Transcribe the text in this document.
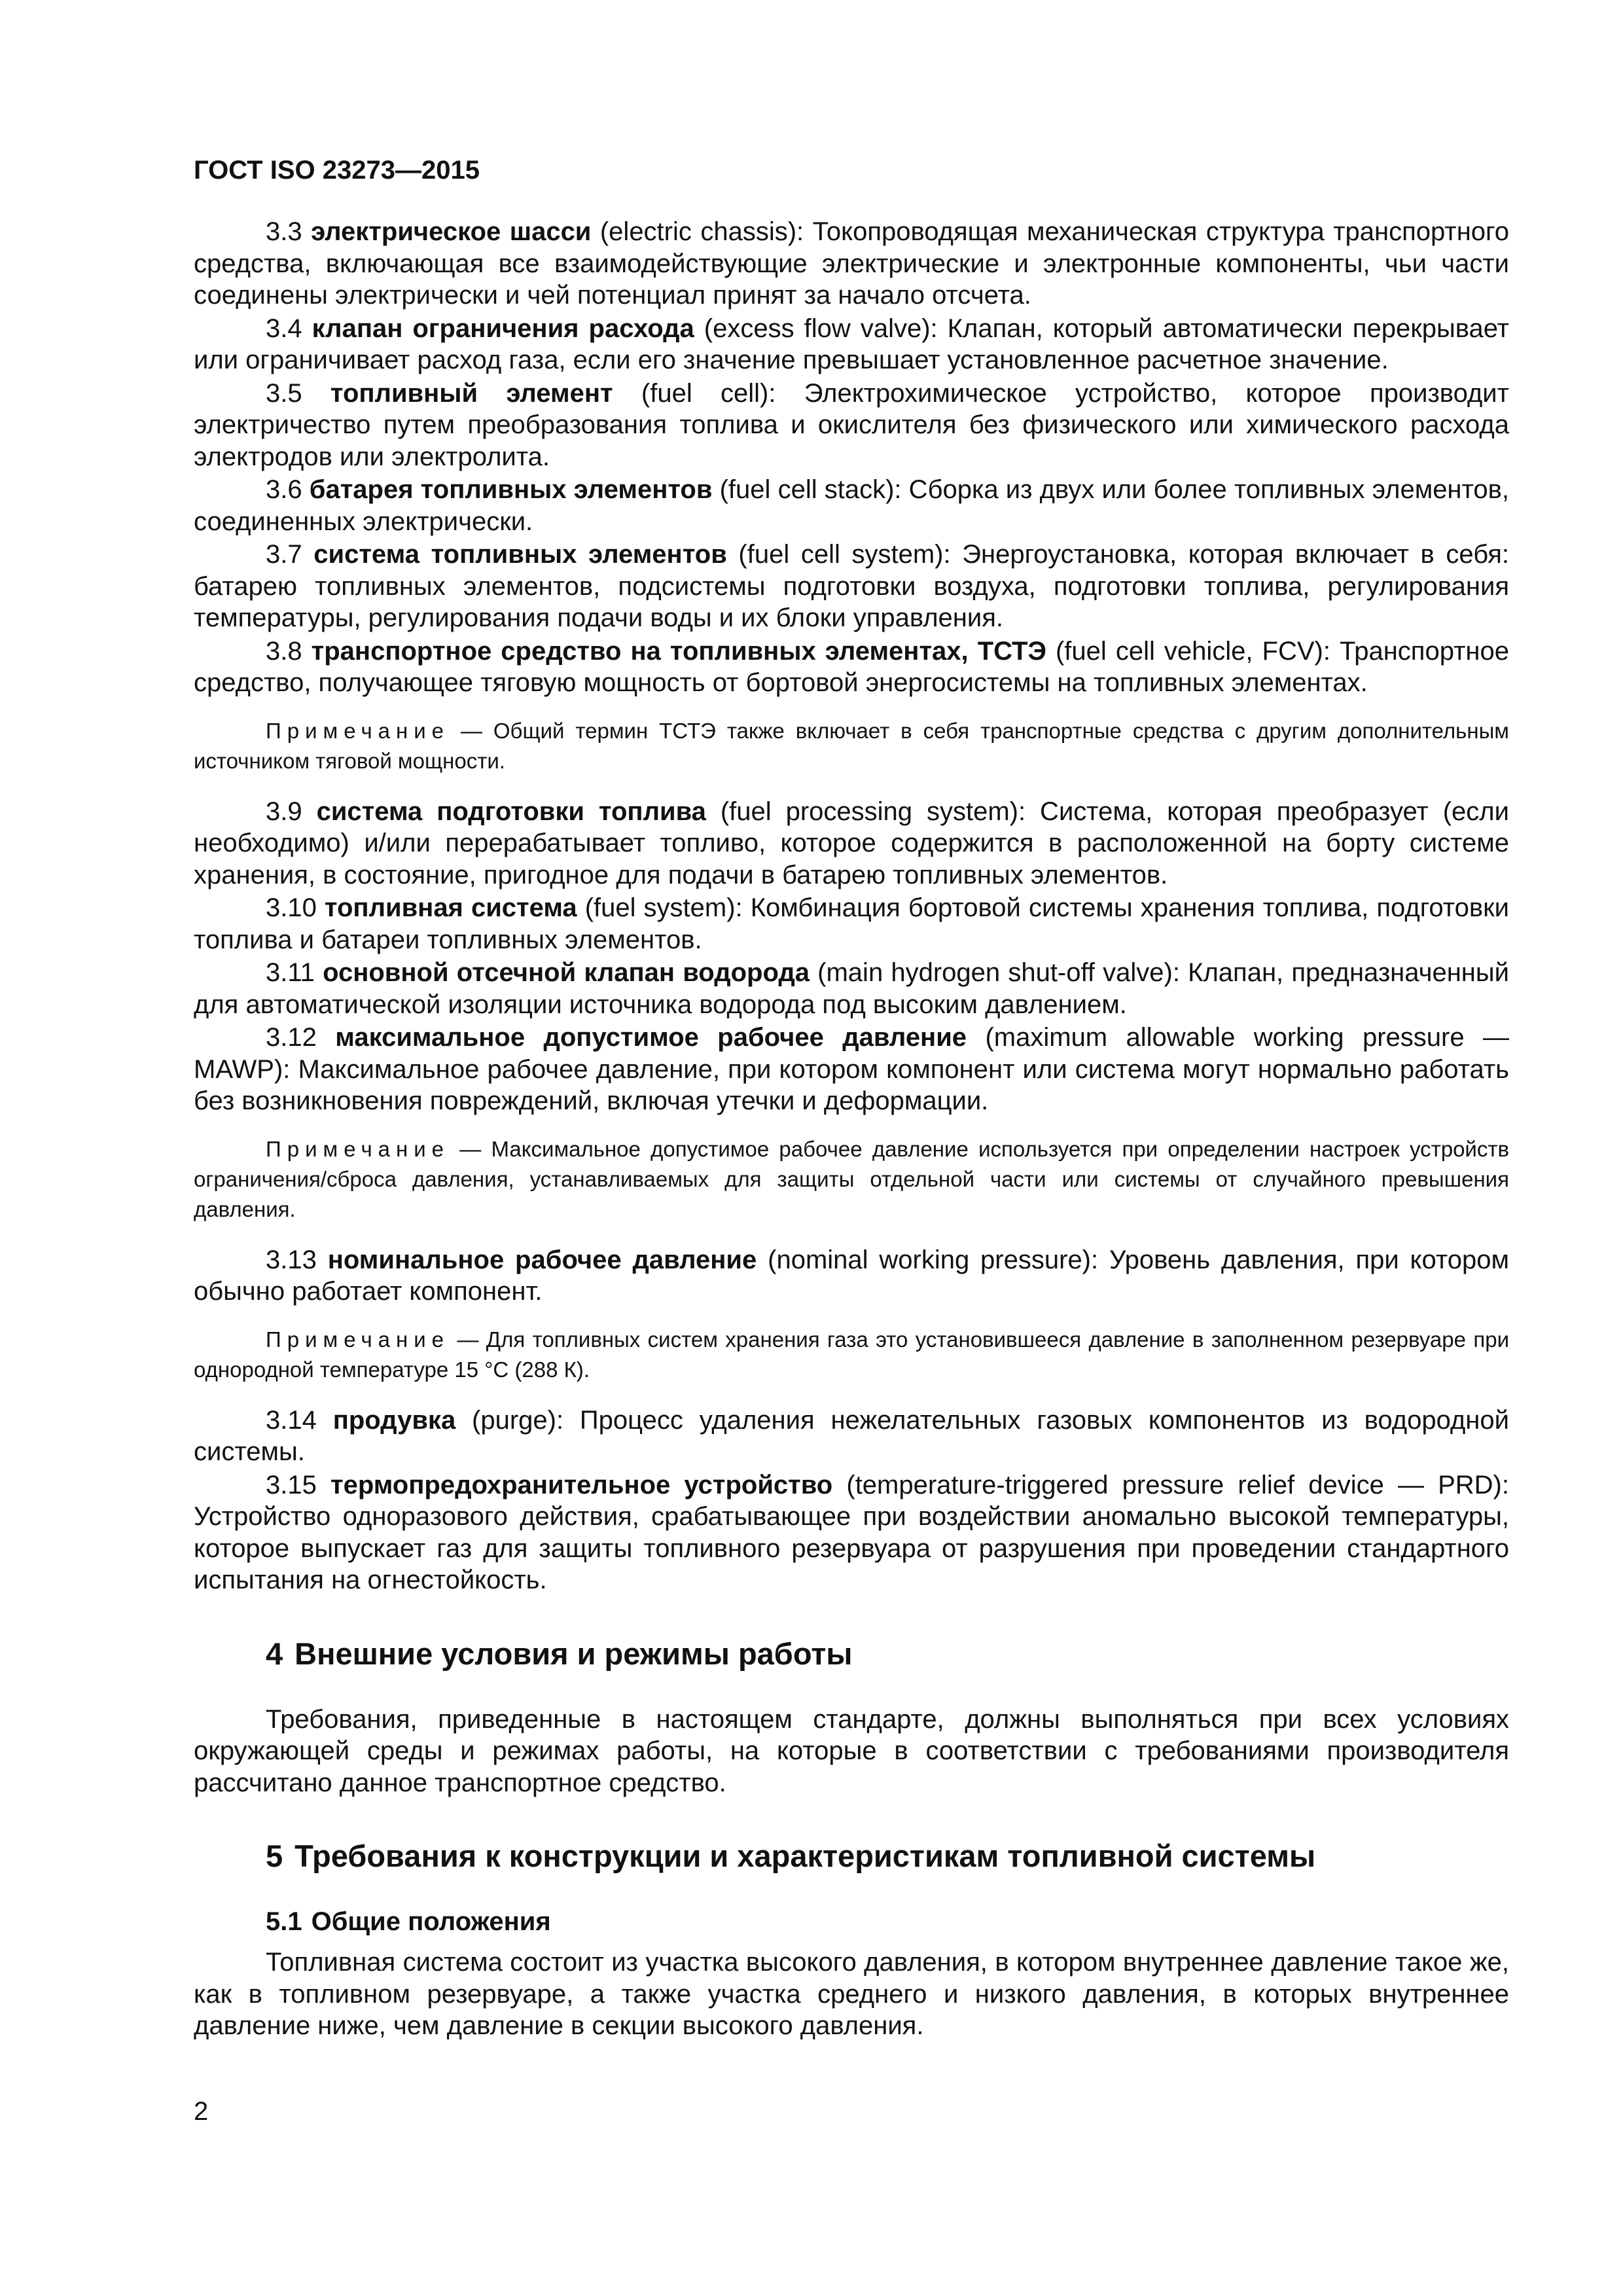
ГОСТ ISO 23273—2015

3.3 электрическое шасси (electric chassis): Токопроводящая механическая структура транспортного средства, включающая все взаимодействующие электрические и электронные компоненты, чьи части соединены электрически и чей потенциал принят за начало отсчета.

3.4 клапан ограничения расхода (excess flow valve): Клапан, который автоматически перекрывает или ограничивает расход газа, если его значение превышает установленное расчетное значение.

3.5 топливный элемент (fuel cell): Электрохимическое устройство, которое производит электричество путем преобразования топлива и окислителя без физического или химического расхода электродов или электролита.

3.6 батарея топливных элементов (fuel cell stack): Сборка из двух или более топливных элементов, соединенных электрически.

3.7 система топливных элементов (fuel cell system): Энергоустановка, которая включает в себя: батарею топливных элементов, подсистемы подготовки воздуха, подготовки топлива, регулирования температуры, регулирования подачи воды и их блоки управления.

3.8 транспортное средство на топливных элементах, ТСТЭ (fuel cell vehicle, FCV): Транспортное средство, получающее тяговую мощность от бортовой энергосистемы на топливных элементах.

Примечание — Общий термин ТСТЭ также включает в себя транспортные средства с другим дополнительным источником тяговой мощности.

3.9 система подготовки топлива (fuel processing system): Система, которая преобразует (если необходимо) и/или перерабатывает топливо, которое содержится в расположенной на борту системе хранения, в состояние, пригодное для подачи в батарею топливных элементов.

3.10 топливная система (fuel system): Комбинация бортовой системы хранения топлива, подготовки топлива и батареи топливных элементов.

3.11 основной отсечной клапан водорода (main hydrogen shut-off valve): Клапан, предназначенный для автоматической изоляции источника водорода под высоким давлением.

3.12 максимальное допустимое рабочее давление (maximum allowable working pressure — MAWP): Максимальное рабочее давление, при котором компонент или система могут нормально работать без возникновения повреждений, включая утечки и деформации.

Примечание — Максимальное допустимое рабочее давление используется при определении настроек устройств ограничения/сброса давления, устанавливаемых для защиты отдельной части или системы от случайного превышения давления.

3.13 номинальное рабочее давление (nominal working pressure): Уровень давления, при котором обычно работает компонент.

Примечание — Для топливных систем хранения газа это установившееся давление в заполненном резервуаре при однородной температуре 15 °С (288 К).

3.14 продувка (purge): Процесс удаления нежелательных газовых компонентов из водородной системы.

3.15 термопредохранительное устройство (temperature-triggered pressure relief device — PRD): Устройство одноразового действия, срабатывающее при воздействии аномально высокой температуры, которое выпускает газ для защиты топливного резервуара от разрушения при проведении стандартного испытания на огнестойкость.

4 Внешние условия и режимы работы

Требования, приведенные в настоящем стандарте, должны выполняться при всех условиях окружающей среды и режимах работы, на которые в соответствии с требованиями производителя рассчитано данное транспортное средство.

5 Требования к конструкции и характеристикам топливной системы
5.1 Общие положения

Топливная система состоит из участка высокого давления, в котором внутреннее давление такое же, как в топливном резервуаре, а также участка среднего и низкого давления, в которых внутреннее давление ниже, чем давление в секции высокого давления.

2
